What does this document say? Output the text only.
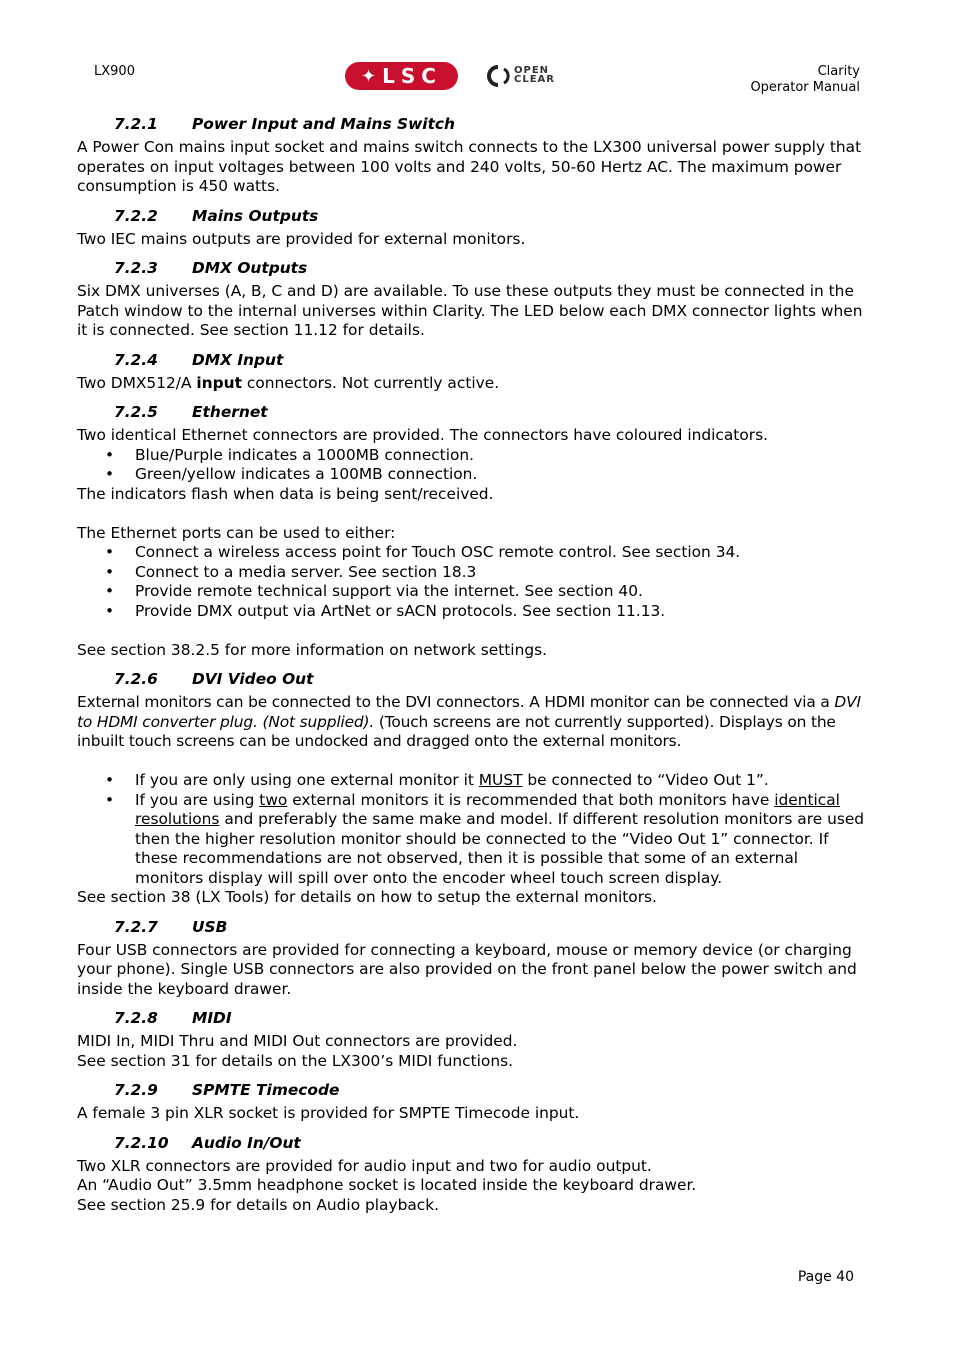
LX900	✦ LSC	OPEN
CLEAR
Clarity
Operator Manual
7.2.1 Power Input and Mains Switch

A Power Con mains input socket and mains switch connects to the LX300 universal power supply that operates on input voltages between 100 volts and 240 volts, 50-60 Hertz AC. The maximum power consumption is 450 watts.

7.2.2 Mains Outputs

Two IEC mains outputs are provided for external monitors.

7.2.3 DMX Outputs

Six DMX universes (A, B, C and D) are available. To use these outputs they must be connected in the Patch window to the internal universes within Clarity. The LED below each DMX connector lights when it is connected. See section 11.12 for details.

7.2.4 DMX Input

Two DMX512/A input connectors. Not currently active.

7.2.5 Ethernet

Two identical Ethernet connectors are provided. The connectors have coloured indicators.

• Blue/Purple indicates a 1000MB connection.
• Green/yellow indicates a 100MB connection.

The indicators flash when data is being sent/received.

The Ethernet ports can be used to either:

• Connect a wireless access point for Touch OSC remote control. See section 34.
• Connect to a media server. See section 18.3
• Provide remote technical support via the internet. See section 40.
• Provide DMX output via ArtNet or sACN protocols. See section 11.13.

See section 38.2.5 for more information on network settings.

7.2.6 DVI Video Out

External monitors can be connected to the DVI connectors. A HDMI monitor can be connected via a DVI to HDMI converter plug. (Not supplied). (Touch screens are not currently supported). Displays on the inbuilt touch screens can be undocked and dragged onto the external monitors.

• If you are only using one external monitor it MUST be connected to “Video Out 1”.
• If you are using two external monitors it is recommended that both monitors have identical resolutions and preferably the same make and model. If different resolution monitors are used then the higher resolution monitor should be connected to the “Video Out 1” connector. If these recommendations are not observed, then it is possible that some of an external monitors display will spill over onto the encoder wheel touch screen display.

See section 38 (LX Tools) for details on how to setup the external monitors.

7.2.7 USB

Four USB connectors are provided for connecting a keyboard, mouse or memory device (or charging your phone). Single USB connectors are also provided on the front panel below the power switch and inside the keyboard drawer.

7.2.8 MIDI

MIDI In, MIDI Thru and MIDI Out connectors are provided.

See section 31 for details on the LX300’s MIDI functions.

7.2.9 SPMTE Timecode

A female 3 pin XLR socket is provided for SMPTE Timecode input.

7.2.10 Audio In/Out

Two XLR connectors are provided for audio input and two for audio output.

An “Audio Out” 3.5mm headphone socket is located inside the keyboard drawer.

See section 25.9 for details on Audio playback.

Page 40
